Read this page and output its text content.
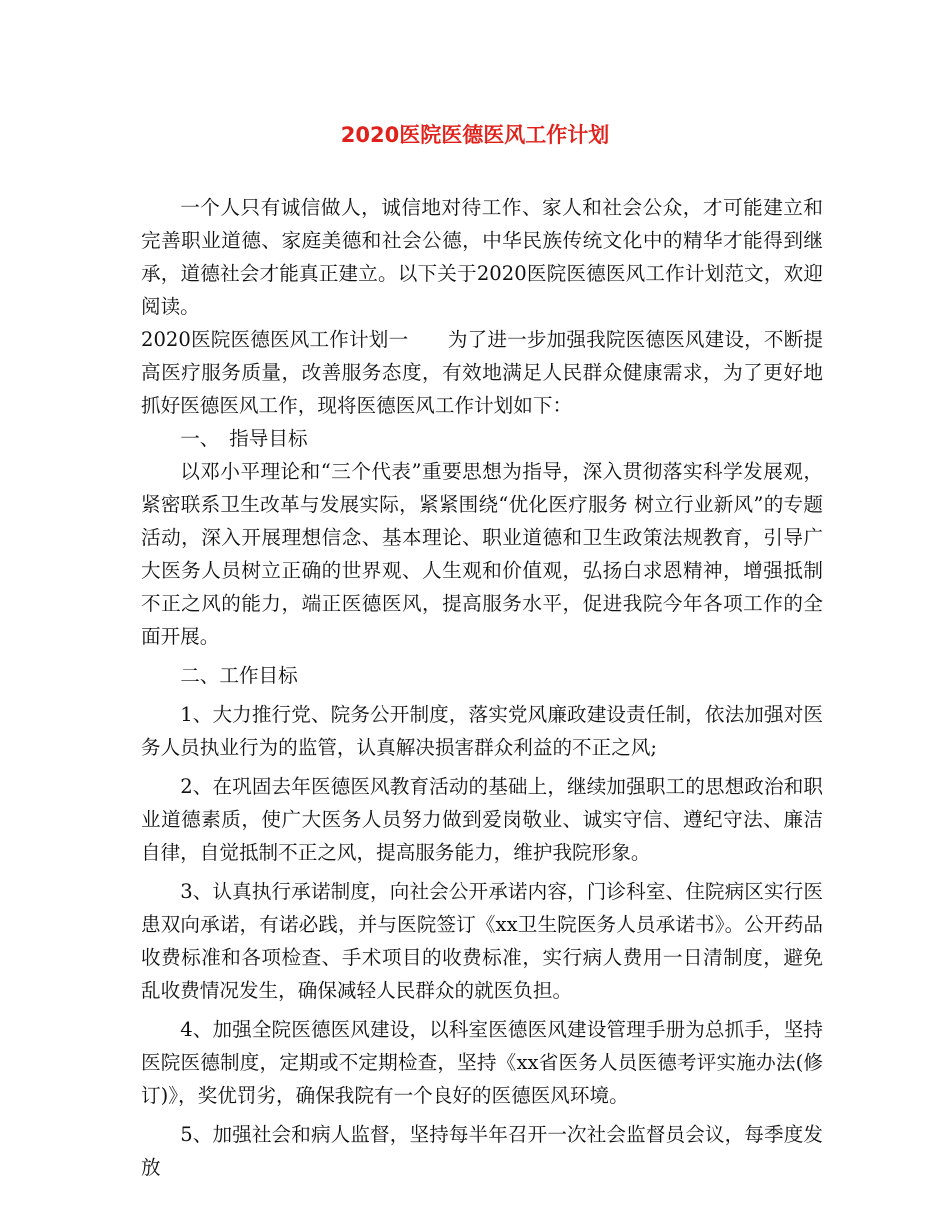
2020医院医德医风工作计划

一个人只有诚信做人，诚信地对待工作、家人和社会公众，才可能建立和完善职业道德、家庭美德和社会公德，中华民族传统文化中的精华才能得到继承，道德社会才能真正建立。以下关于2020医院医德医风工作计划范文，欢迎阅读。

2020医院医德医风工作计划一　　为了进一步加强我院医德医风建设，不断提高医疗服务质量，改善服务态度，有效地满足人民群众健康需求，为了更好地抓好医德医风工作，现将医德医风工作计划如下：

一、　指导目标

以邓小平理论和“三个代表”重要思想为指导，深入贯彻落实科学发展观，紧密联系卫生改革与发展实际，紧紧围绕“优化医疗服务 树立行业新风”的专题活动，深入开展理想信念、基本理论、职业道德和卫生政策法规教育，引导广大医务人员树立正确的世界观、人生观和价值观，弘扬白求恩精神，增强抵制不正之风的能力，端正医德医风，提高服务水平，促进我院今年各项工作的全面开展。

二、工作目标

1、大力推行党、院务公开制度，落实党风廉政建设责任制，依法加强对医务人员执业行为的监管，认真解决损害群众利益的不正之风;

2、在巩固去年医德医风教育活动的基础上，继续加强职工的思想政治和职业道德素质，使广大医务人员努力做到爱岗敬业、诚实守信、遵纪守法、廉洁自律，自觉抵制不正之风，提高服务能力，维护我院形象。

3、认真执行承诺制度，向社会公开承诺内容，门诊科室、住院病区实行医患双向承诺，有诺必践，并与医院签订《xx卫生院医务人员承诺书》。公开药品收费标准和各项检查、手术项目的收费标准，实行病人费用一日清制度，避免乱收费情况发生，确保减轻人民群众的就医负担。

4、加强全院医德医风建设，以科室医德医风建设管理手册为总抓手，坚持医院医德制度，定期或不定期检查，坚持《xx省医务人员医德考评实施办法(修订)》，奖优罚劣，确保我院有一个良好的医德医风环境。

5、加强社会和病人监督，坚持每半年召开一次社会监督员会议，每季度发放
